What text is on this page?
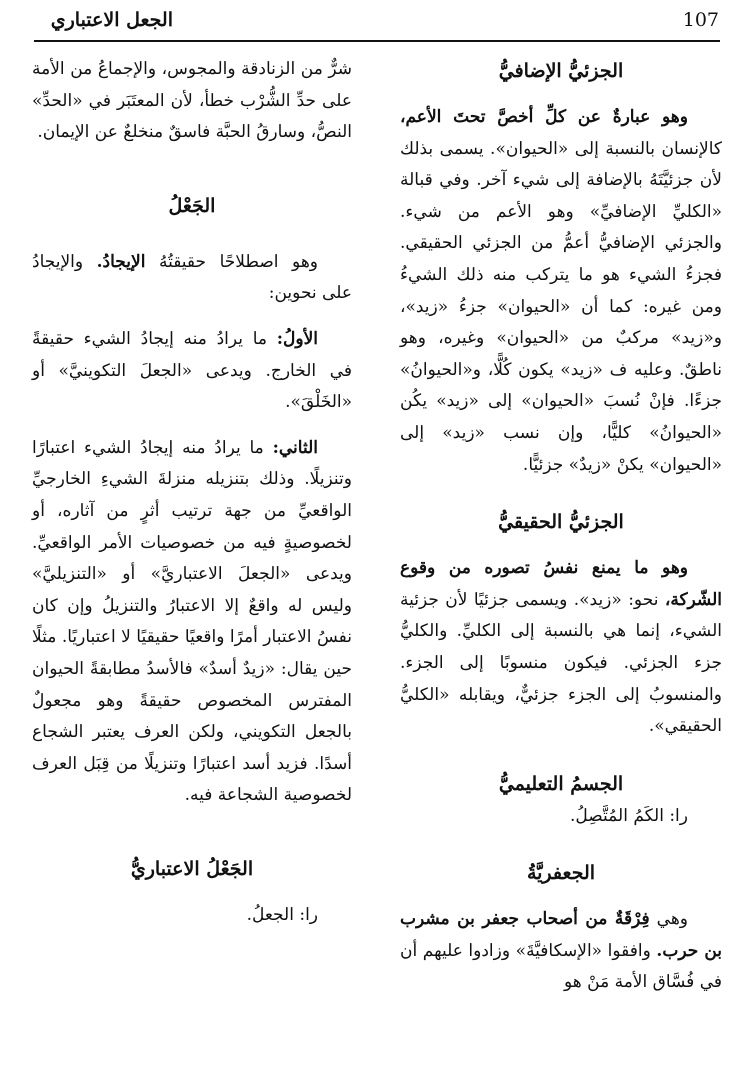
الجعل الاعتباري	107
الجزئيُّ الإضافيُّ

وهو عبارةٌ عن كلِّ أخصَّ تحتَ الأعم، كالإنسان بالنسبة إلى «الحيوان». يسمى بذلك لأن جزئيَّتَهُ بالإضافة إلى شيء آخر. وفي قبالة «الكليِّ الإضافيِّ» وهو الأعم من شيء. والجزئي الإضافيُّ أعمُّ من الجزئي الحقيقي. فجزءُ الشيء هو ما يتركب منه ذلك الشيءُ ومن غيره: كما أن «الحيوان» جزءُ «زيد»، و«زيد» مركبٌ من «الحيوان» وغيره، وهو ناطقٌ. وعليه ف «زيد» يكون كُلًّا، و«الحيوانُ» جزءًا. فإنْ نُسبَ «الحيوان» إلى «زيد» يكُن «الحيوانُ» كليًّا، وإن نسب «زيد» إلى «الحيوان» يكنْ «زيدٌ» جزئيًّا.

الجزئيُّ الحقيقيُّ

وهو ما يمنع نفسُ تصوره من وقوع الشّركة، نحو: «زيد». ويسمى جزئيًا لأن جزئية الشيء، إنما هي بالنسبة إلى الكليِّ. والكليُّ جزء الجزئي. فيكون منسوبًا إلى الجزء. والمنسوبُ إلى الجزء جزئيٌّ، ويقابله «الكليُّ الحقيقي».

الجسمُ التعليميُّ

را: الكَمُ المُتَّصِلُ.

الجعفريَّةُ

وهي فِرْقَةٌ من أصحاب جعفر بن مشرب بن حرب. وافقوا «الإسكافيَّةَ» وزادوا عليهم أن في فُسَّاق الأمة مَنْ هو

شرٌّ من الزنادقة والمجوس، والإجماعُ من الأمة على حدِّ الشُّرْب خطأ، لأن المعتَبَر في «الحدِّ» النصُّ، وسارقُ الحبَّة فاسقٌ منخلعٌ عن الإيمان.

الجَعْلُ

وهو اصطلاحًا حقيقتُهُ الإيجادُ. والإيجادُ على نحوين:

الأولُ: ما يرادُ منه إيجادُ الشيء حقيقةً في الخارج. ويدعى «الجعلَ التكوينيَّ» أو «الخَلْقَ».

الثاني: ما يرادُ منه إيجادُ الشيء اعتبارًا وتنزيلًا. وذلك بتنزيله منزلةَ الشيءِ الخارجيِّ الواقعيِّ من جهة ترتيب أثرٍ من آثاره، أو لخصوصيةٍ فيه من خصوصيات الأمر الواقعيِّ. ويدعى «الجعلَ الاعتباريَّ» أو «التنزيليَّ» وليس له واقعٌ إلا الاعتبارُ والتنزيلُ وإن كان نفسُ الاعتبار أمرًا واقعيًا حقيقيًا لا اعتباريًا. مثلًا حين يقال: «زيدٌ أسدٌ» فالأسدُ مطابقةً الحيوان المفترس المخصوص حقيقةً وهو مجعولٌ بالجعل التكويني، ولكن العرف يعتبر الشجاع أسدًا. فزيد أسد اعتبارًا وتنزيلًا من قِبَل العرف لخصوصية الشجاعة فيه.

الجَعْلُ الاعتباريُّ

را: الجعلُ.
